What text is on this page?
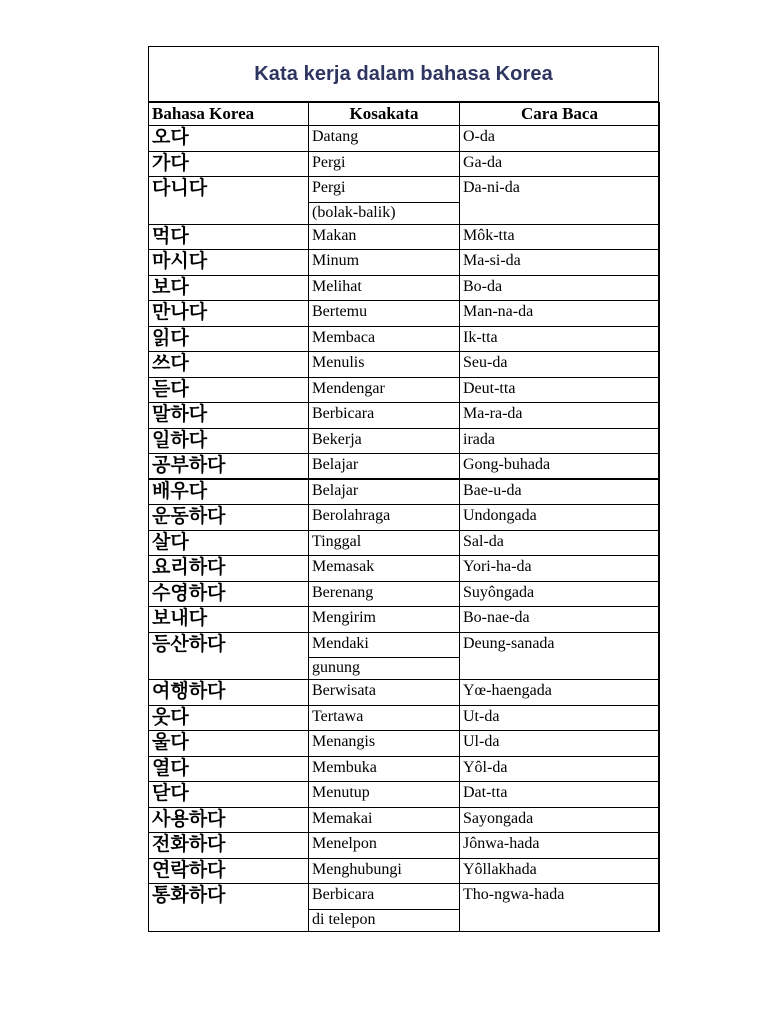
Kata kerja dalam bahasa Korea
Bahasa Korea	Kosakata	Cara Baca
오다	Datang	O-da
가다	Pergi	Ga-da
다니다	Pergi	Da-ni-da
	(bolak-balik)	
먹다	Makan	Môk-tta
마시다	Minum	Ma-si-da
보다	Melihat	Bo-da
만나다	Bertemu	Man-na-da
읽다	Membaca	Ik-tta
쓰다	Menulis	Seu-da
듣다	Mendengar	Deut-tta
말하다	Berbicara	Ma-ra-da
일하다	Bekerja	irada
공부하다	Belajar	Gong-buhada
배우다	Belajar	Bae-u-da
운동하다	Berolahraga	Undongada
살다	Tinggal	Sal-da
요리하다	Memasak	Yori-ha-da
수영하다	Berenang	Suyôngada
보내다	Mengirim	Bo-nae-da
등산하다	Mendaki	Deung-sanada
	gunung	
여행하다	Berwisata	Yœ-haengada
웃다	Tertawa	Ut-da
울다	Menangis	Ul-da
열다	Membuka	Yôl-da
닫다	Menutup	Dat-tta
사용하다	Memakai	Sayongada
전화하다	Menelpon	Jônwa-hada
연락하다	Menghubungi	Yôllakhada
통화하다	Berbicara	Tho-ngwa-hada
	di telepon	
